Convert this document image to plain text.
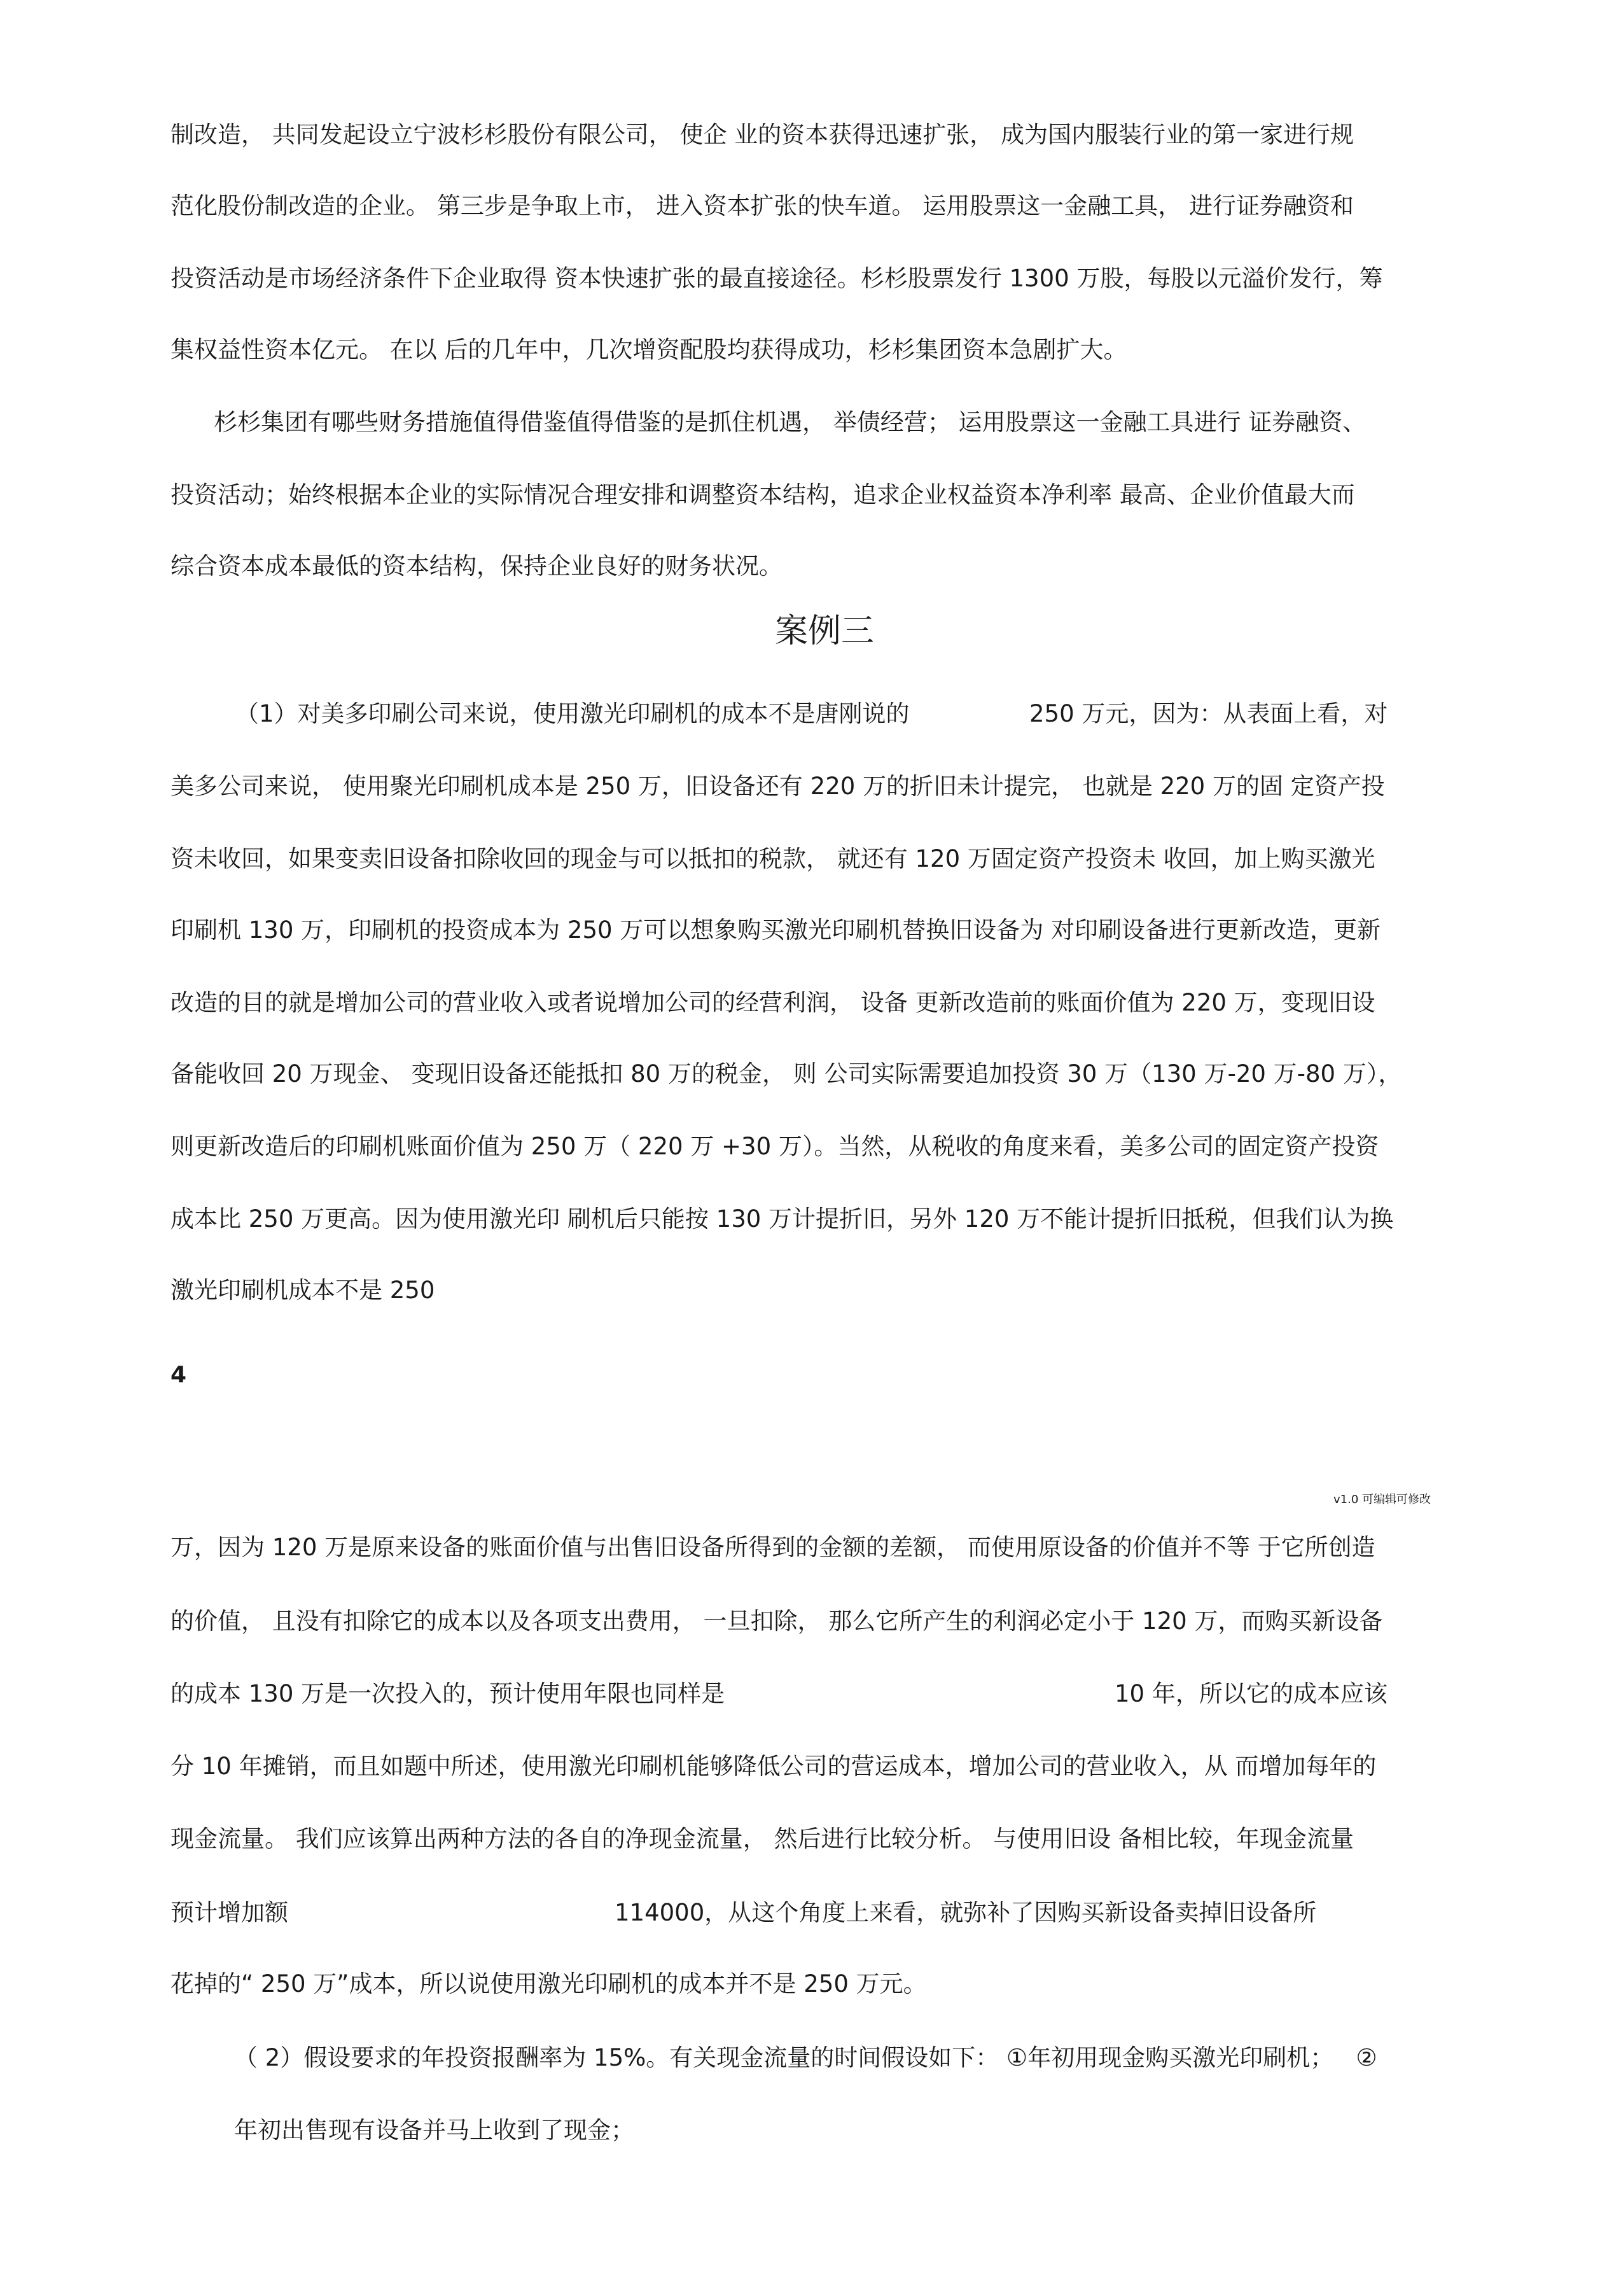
制改造， 共同发起设立宁波杉杉股份有限公司， 使企 业的资本获得迅速扩张， 成为国内服装行业的第一家进行规
范化股份制改造的企业。 第三步是争取上市， 进入资本扩张的快车道。 运用股票这一金融工具， 进行证券融资和
投资活动是市场经济条件下企业取得 资本快速扩张的最直接途径。杉杉股票发行 1300 万股，每股以元溢价发行，筹
集权益性资本亿元。 在以 后的几年中，几次增资配股均获得成功，杉杉集团资本急剧扩大。
杉杉集团有哪些财务措施值得借鉴值得借鉴的是抓住机遇， 举债经营； 运用股票这一金融工具进行 证券融资、
投资活动；始终根据本企业的实际情况合理安排和调整资本结构，追求企业权益资本净利率 最高、企业价值最大而
综合资本成本最低的资本结构，保持企业良好的财务状况。
案例三
（1）对美多印刷公司来说，使用激光印刷机的成本不是唐刚说的	250 万元，因为：从表面上看，对
美多公司来说， 使用聚光印刷机成本是 250 万，旧设备还有 220 万的折旧未计提完， 也就是 220 万的固 定资产投
资未收回，如果变卖旧设备扣除收回的现金与可以抵扣的税款， 就还有 120 万固定资产投资未 收回，加上购买激光
印刷机 130 万，印刷机的投资成本为 250 万可以想象购买激光印刷机替换旧设备为 对印刷设备进行更新改造，更新
改造的目的就是增加公司的营业收入或者说增加公司的经营利润， 设备 更新改造前的账面价值为 220 万，变现旧设
备能收回 20 万现金、 变现旧设备还能抵扣 80 万的税金， 则 公司实际需要追加投资 30 万（130 万-20 万-80 万），
则更新改造后的印刷机账面价值为 250 万（ 220 万 +30 万）。当然，从税收的角度来看，美多公司的固定资产投资
成本比 250 万更高。因为使用激光印 刷机后只能按 130 万计提折旧，另外 120 万不能计提折旧抵税，但我们认为换
激光印刷机成本不是 250
4
v1.0 可编辑可修改
万，因为 120 万是原来设备的账面价值与出售旧设备所得到的金额的差额， 而使用原设备的价值并不等 于它所创造
的价值， 且没有扣除它的成本以及各项支出费用， 一旦扣除， 那么它所产生的利润必定小于 120 万，而购买新设备
的成本 130 万是一次投入的，预计使用年限也同样是	10 年，所以它的成本应该
分 10 年摊销，而且如题中所述，使用激光印刷机能够降低公司的营运成本，增加公司的营业收入，从 而增加每年的
现金流量。 我们应该算出两种方法的各自的净现金流量， 然后进行比较分析。 与使用旧设 备相比较，年现金流量
预计增加额	114000，从这个角度上来看，就弥补了因购买新设备卖掉旧设备所
花掉的“ 250 万”成本，所以说使用激光印刷机的成本并不是 250 万元。
（ 2）假设要求的年投资报酬率为 15%。有关现金流量的时间假设如下： ①年初用现金购买激光印刷机；   ②
年初出售现有设备并马上收到了现金；
